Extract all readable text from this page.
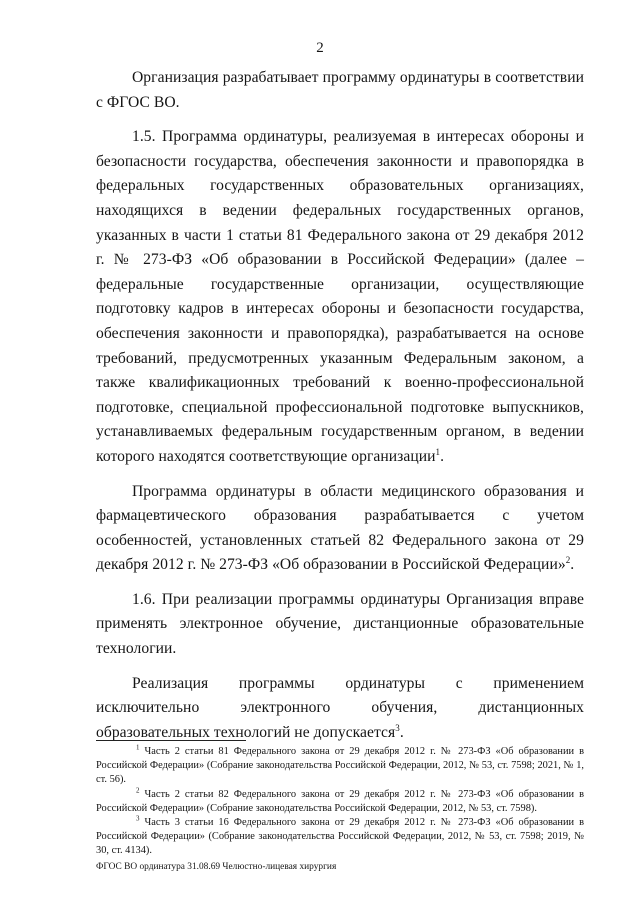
2

Организация разрабатывает программу ординатуры в соответствии с ФГОС ВО.

1.5. Программа ординатуры, реализуемая в интересах обороны и безопасности государства, обеспечения законности и правопорядка в федеральных государственных образовательных организациях, находящихся в ведении федеральных государственных органов, указанных в части 1 статьи 81 Федерального закона от 29 декабря 2012 г. № 273-ФЗ «Об образовании в Российской Федерации» (далее – федеральные государственные организации, осуществляющие подготовку кадров в интересах обороны и безопасности государства, обеспечения законности и правопорядка), разрабатывается на основе требований, предусмотренных указанным Федеральным законом, а также квалификационных требований к военно-профессиональной подготовке, специальной профессиональной подготовке выпускников, устанавливаемых федеральным государственным органом, в ведении которого находятся соответствующие организации$^1$.

Программа ординатуры в области медицинского образования и фармацевтического образования разрабатывается с учетом особенностей, установленных статьей 82 Федерального закона от 29 декабря 2012 г. № 273-ФЗ «Об образовании в Российской Федерации»$^2$.

1.6. При реализации программы ординатуры Организация вправе применять электронное обучение, дистанционные образовательные технологии.

Реализация программы ординатуры с применением исключительно электронного обучения, дистанционных образовательных технологий не допускается$^3$.

$^1$ Часть 2 статьи 81 Федерального закона от 29 декабря 2012 г. № 273-ФЗ «Об образовании в Российской Федерации» (Собрание законодательства Российской Федерации, 2012, № 53, ст. 7598; 2021, № 1, ст. 56).

$^2$ Часть 2 статьи 82 Федерального закона от 29 декабря 2012 г. № 273-ФЗ «Об образовании в Российской Федерации» (Собрание законодательства Российской Федерации, 2012, № 53, ст. 7598).

$^3$ Часть 3 статьи 16 Федерального закона от 29 декабря 2012 г. № 273-ФЗ «Об образовании в Российской Федерации» (Собрание законодательства Российской Федерации, 2012, № 53, ст. 7598; 2019, № 30, ст. 4134).

ФГОС ВО ординатура 31.08.69 Челюстно-лицевая хирургия
